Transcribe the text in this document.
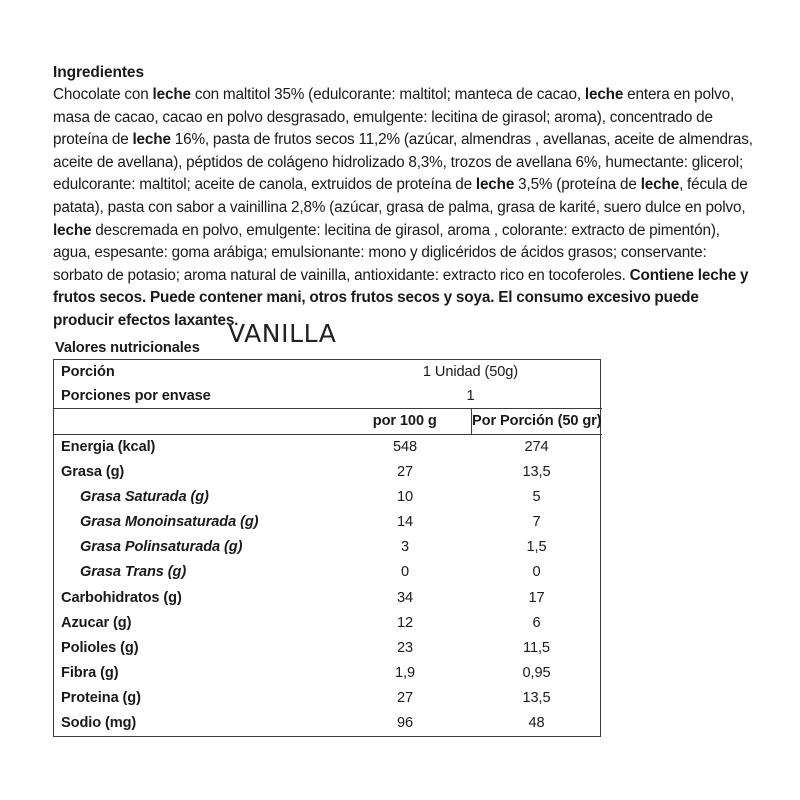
Ingredientes
Chocolate con leche con maltitol 35% (edulcorante: maltitol; manteca de cacao, leche entera en polvo, masa de cacao, cacao en polvo desgrasado, emulgente: lecitina de girasol; aroma), concentrado de proteína de leche 16%, pasta de frutos secos 11,2% (azúcar, almendras , avellanas, aceite de almendras, aceite de avellana), péptidos de colágeno hidrolizado 8,3%, trozos de avellana 6%, humectante: glicerol; edulcorante: maltitol; aceite de canola, extruidos de proteína de leche 3,5% (proteína de leche, fécula de patata), pasta con sabor a vainillina 2,8% (azúcar, grasa de palma, grasa de karité, suero dulce en polvo, leche descremada en polvo, emulgente: lecitina de girasol, aroma , colorante: extracto de pimentón), agua, espesante: goma arábiga; emulsionante: mono y diglicéridos de ácidos grasos; conservante: sorbato de potasio; aroma natural de vainilla, antioxidante: extracto rico en tocoferoles. Contiene leche y frutos secos. Puede contener mani, otros frutos secos y soya. El consumo excesivo puede producir efectos laxantes.
VANILLA
Valores nutricionales
Porción	1 Unidad (50g)	
Porciones por envase	1	

	por 100 g	Por Porción (50 gr)

Energia (kcal)	548	274
Grasa (g)	27	13,5
Grasa Saturada (g)	10	5
Grasa Monoinsaturada (g)	14	7
Grasa Polinsaturada (g)	3	1,5
Grasa Trans (g)	0	0
Carbohidratos (g)	34	17
Azucar (g)	12	6
Polioles (g)	23	11,5
Fibra (g)	1,9	0,95
Proteina (g)	27	13,5
Sodio (mg)	96	48
